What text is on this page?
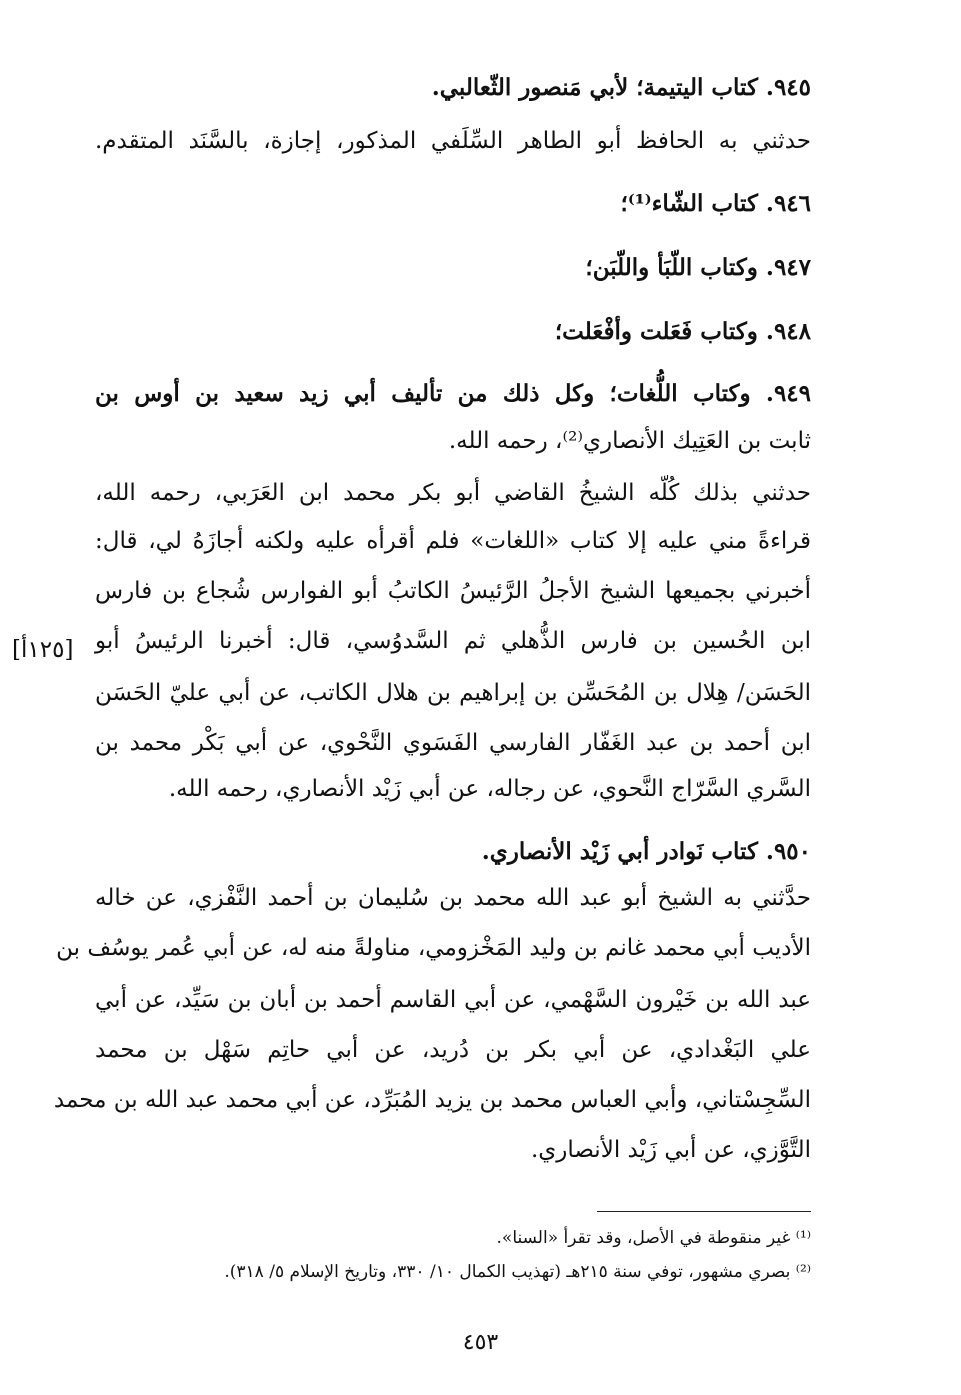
٩٤٥. كتاب اليتيمة؛ لأبي مَنصور الثّعالبي.
حدثني به الحافظ أبو الطاهر السِّلَفي المذكور، إجازة، بالسَّنَد المتقدم.
٩٤٦. كتاب الشّاء⁽¹⁾؛
٩٤٧. وكتاب اللّبَأ واللّبَن؛
٩٤٨. وكتاب فَعَلت وأفْعَلت؛
٩٤٩. وكتاب اللُّغات؛ وكل ذلك من تأليف أبي زيد سعيد بن أوس بن
ثابت بن العَتِيك الأنصاري⁽²⁾، رحمه الله.
حدثني بذلك كُلّه الشيخُ القاضي أبو بكر محمد ابن العَرَبي، رحمه الله،
قراءةً مني عليه إلا كتاب «اللغات» فلم أقرأه عليه ولكنه أجازَهُ لي، قال:
أخبرني بجميعها الشيخ الأجلُ الرَّئيسُ الكاتبُ أبو الفوارس شُجاع بن فارس
ابن الحُسين بن فارس الذُّهلي ثم السَّدوُسي، قال: أخبرنا الرئيسُ أبو
الحَسَن/ هِلال بن المُحَسِّن بن إبراهيم بن هلال الكاتب، عن أبي عليّ الحَسَن
ابن أحمد بن عبد الغَفّار الفارسي الفَسَوي النَّحْوي، عن أبي بَكْر محمد بن
السَّري السَّرّاج النَّحوي، عن رجاله، عن أبي زَيْد الأنصاري، رحمه الله.
٩٥٠. كتاب نَوادر أبي زَيْد الأنصاري.
حدَّثني به الشيخ أبو عبد الله محمد بن سُليمان بن أحمد النَّفْزي، عن خاله
الأديب أبي محمد غانم بن وليد المَخْزومي، مناولةً منه له، عن أبي عُمر يوسُف بن
عبد الله بن خَيْرون السَّهْمي، عن أبي القاسم أحمد بن أبان بن سَيِّد، عن أبي
علي البَغْدادي، عن أبي بكر بن دُريد، عن أبي حاتِم سَهْل بن محمد
السِّجِسْتاني، وأبي العباس محمد بن يزيد المُبَرِّد، عن أبي محمد عبد الله بن محمد
التَّوَّزي، عن أبي زَيْد الأنصاري.
[١٢٥أ]
⁽¹⁾ غير منقوطة في الأصل، وقد تقرأ «السنا».
⁽²⁾ بصري مشهور، توفي سنة ٢١٥هـ (تهذيب الكمال ١٠/ ٣٣٠، وتاريخ الإسلام ٥/ ٣١٨).
٤٥٣
